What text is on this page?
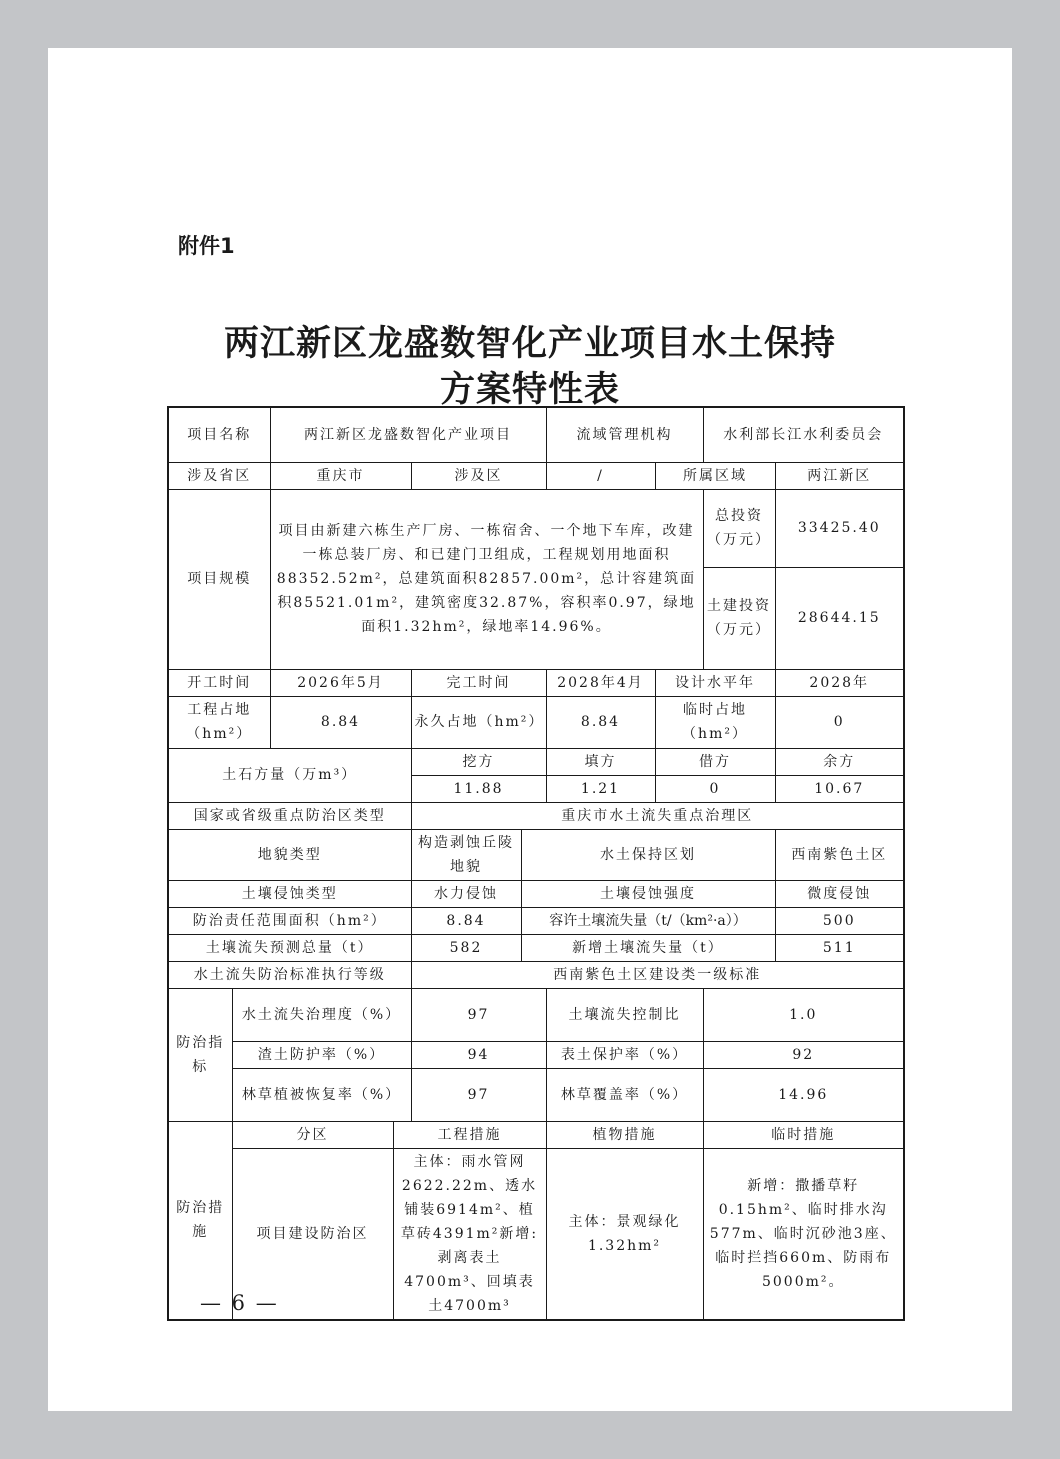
附件1
两江新区龙盛数智化产业项目水土保持
方案特性表
项目名称		两江新区龙盛数智化产业项目				流域管理机构		水利部长江水利委员会	
涉及省区		重庆市		涉及区		/	所属区域		两江新区
项目规模		项目由新建六栋生产厂房、一栋宿舍、一个地下车库，改建一栋总装厂房、和已建门卫组成，工程规划用地面积88352.52m²，总建筑面积82857.00m²，总计容建筑面积85521.01m²，建筑密度32.87%，容积率0.97，绿地面积1.32hm²，绿地率14.96%。						总投资（万元）	33425.40
								土建投资（万元）	28644.15
开工时间		2026年5月		完工时间		2028年4月	设计水平年		2028年
工程占地（hm²）		8.84		永久占地（hm²）		8.84	临时占地（hm²）		0
土石方量（万m³）				挖方		填方	借方		余方
				11.88		1.21	0		10.67
国家或省级重点防治区类型				重庆市水土流失重点治理区					
地貌类型				构造剥蚀丘陵地貌	水土保持区划				西南紫色土区
土壤侵蚀类型				水力侵蚀	土壤侵蚀强度				微度侵蚀
防治责任范围面积（hm²）				8.84	容许土壤流失量（t/（km²·a））				500
土壤流失预测总量（t）				582	新增土壤流失量（t）				511
水土流失防治标准执行等级				西南紫色土区建设类一级标准					
防治指标	水土流失治理度（%）			97		土壤流失控制比		1.0	
	渣土防护率（%）			94		表土保护率（%）		92	
	林草植被恢复率（%）			97		林草覆盖率（%）		14.96	
防治措施	分区		工程措施			植物措施		临时措施	
	项目建设防治区		主体：雨水管网2622.22m、透水铺装6914m²、植草砖4391m²新增:剥离表土4700m³、回填表土4700m³			主体：景观绿化1.32hm²		新增：撒播草籽0.15hm²、临时排水沟577m、临时沉砂池3座、临时拦挡660m、防雨布5000m²。	
— 6 —
